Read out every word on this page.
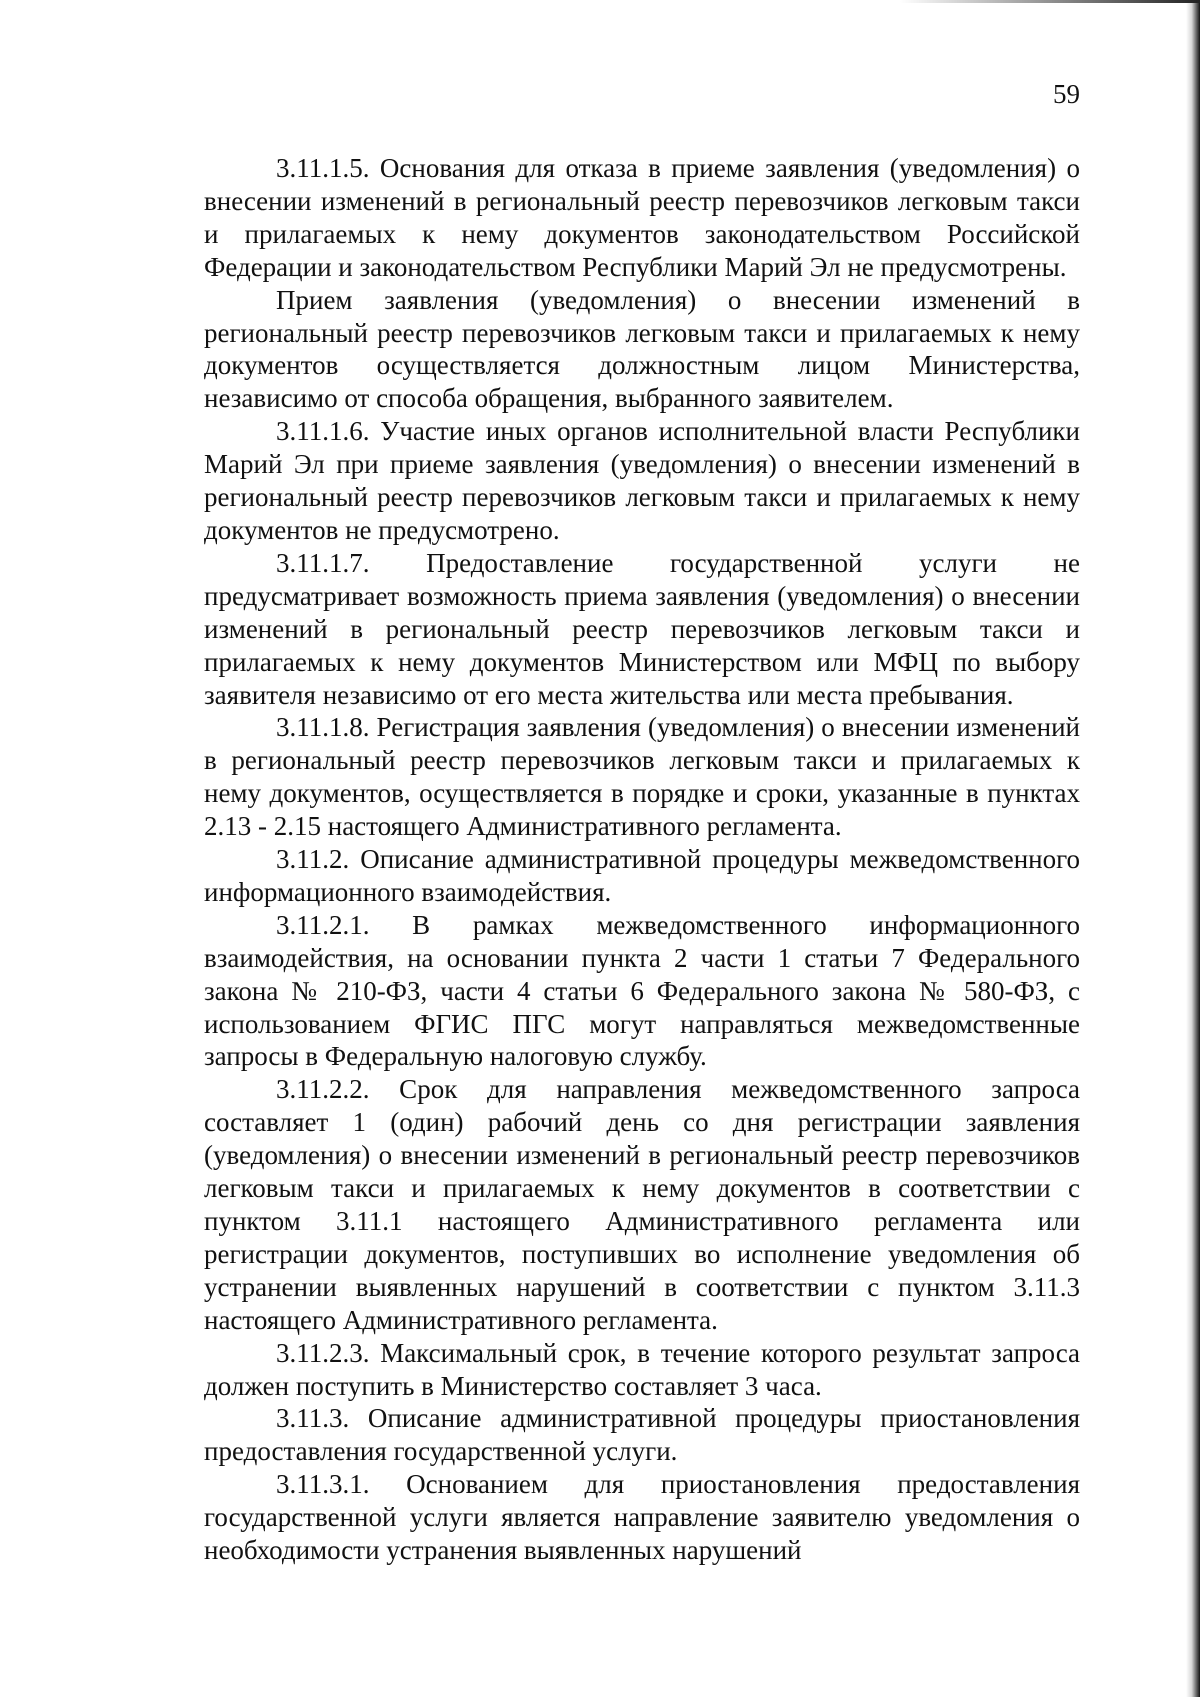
59

3.11.1.5. Основания для отказа в приеме заявления (уведомления) о внесении изменений в региональный реестр перевозчиков легковым такси и прилагаемых к нему документов законодательством Российской Федерации и законодательством Республики Марий Эл не предусмотрены.

Прием заявления (уведомления) о внесении изменений в региональный реестр перевозчиков легковым такси и прилагаемых к нему документов осуществляется должностным лицом Министерства, независимо от способа обращения, выбранного заявителем.

3.11.1.6. Участие иных органов исполнительной власти Республики Марий Эл при приеме заявления (уведомления) о внесении изменений в региональный реестр перевозчиков легковым такси и прилагаемых к нему документов не предусмотрено.

3.11.1.7. Предоставление государственной услуги не предусматривает возможность приема заявления (уведомления) о внесении изменений в региональный реестр перевозчиков легковым такси и прилагаемых к нему документов Министерством или МФЦ по выбору заявителя независимо от его места жительства или места пребывания.

3.11.1.8. Регистрация заявления (уведомления) о внесении изменений в региональный реестр перевозчиков легковым такси и прилагаемых к нему документов, осуществляется в порядке и сроки, указанные в пунктах 2.13 - 2.15 настоящего Административного регламента.

3.11.2. Описание административной процедуры межведомственного информационного взаимодействия.

3.11.2.1. В рамках межведомственного информационного взаимодействия, на основании пункта 2 части 1 статьи 7 Федерального закона № 210-ФЗ, части 4 статьи 6 Федерального закона № 580-ФЗ, с использованием ФГИС ПГС могут направляться межведомственные запросы в Федеральную налоговую службу.

3.11.2.2. Срок для направления межведомственного запроса составляет 1 (один) рабочий день со дня регистрации заявления (уведомления) о внесении изменений в региональный реестр перевозчиков легковым такси и прилагаемых к нему документов в соответствии с пунктом 3.11.1 настоящего Административного регламента или регистрации документов, поступивших во исполнение уведомления об устранении выявленных нарушений в соответствии с пунктом 3.11.3 настоящего Административного регламента.

3.11.2.3. Максимальный срок, в течение которого результат запроса должен поступить в Министерство составляет 3 часа.

3.11.3. Описание административной процедуры приостановления предоставления государственной услуги.

3.11.3.1. Основанием для приостановления предоставления государственной услуги является направление заявителю уведомления о необходимости устранения выявленных нарушений
